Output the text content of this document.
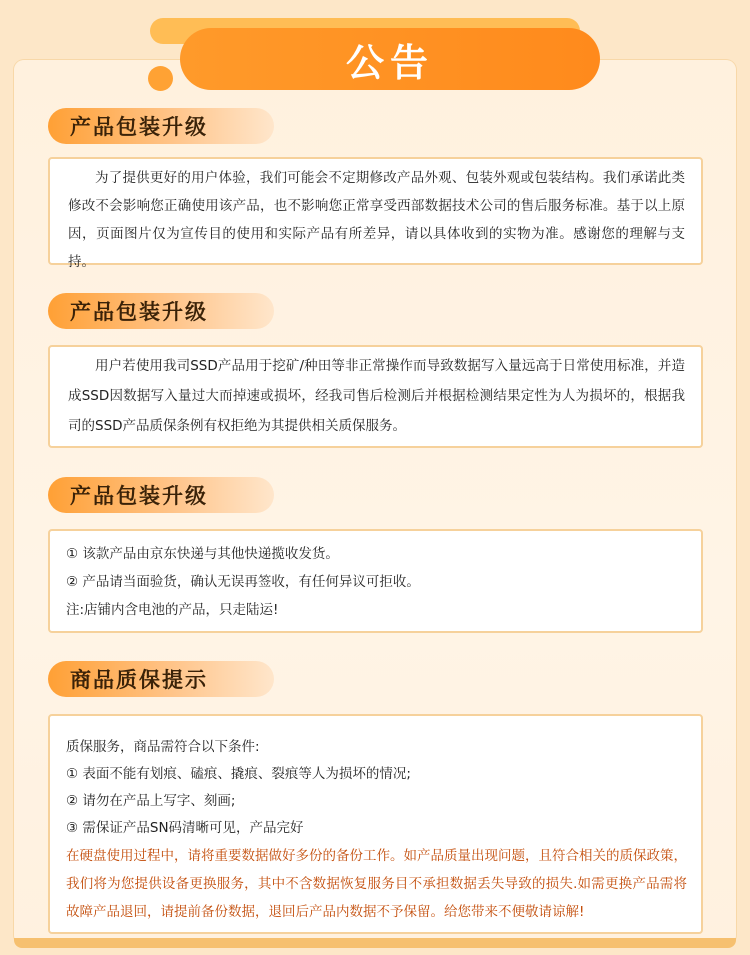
公告
产品包装升级

为了提供更好的用户体验，我们可能会不定期修改产品外观、包装外观或包装结构。我们承诺此类修改不会影响您正确使用该产品，也不影响您正常享受西部数据技术公司的售后服务标准。基于以上原因，页面图片仅为宣传目的使用和实际产品有所差异，请以具体收到的实物为准。感谢您的理解与支持。

产品包装升级

用户若使用我司SSD产品用于挖矿/种田等非正常操作而导致数据写入量远高于日常使用标准，并造成SSD因数据写入量过大而掉速或损坏，经我司售后检测后并根据检测结果定性为人为损坏的，根据我司的SSD产品质保条例有权拒绝为其提供相关质保服务。

产品包装升级

① 该款产品由京东快递与其他快递揽收发货。

② 产品请当面验货，确认无误再签收，有任何异议可拒收。

注:店铺内含电池的产品，只走陆运!

商品质保提示

质保服务，商品需符合以下条件:

① 表面不能有划痕、磕痕、撬痕、裂痕等人为损坏的情况;

② 请勿在产品上写字、刻画;

③ 需保证产品SN码清晰可见，产品完好

在硬盘使用过程中，请将重要数据做好多份的备份工作。如产品质量出现问题，且符合相关的质保政策，我们将为您提供设备更换服务，其中不含数据恢复服务目不承担数据丢失导致的损失.如需更换产品需将故障产品退回，请提前备份数据，退回后产品内数据不予保留。给您带来不便敬请谅解!
